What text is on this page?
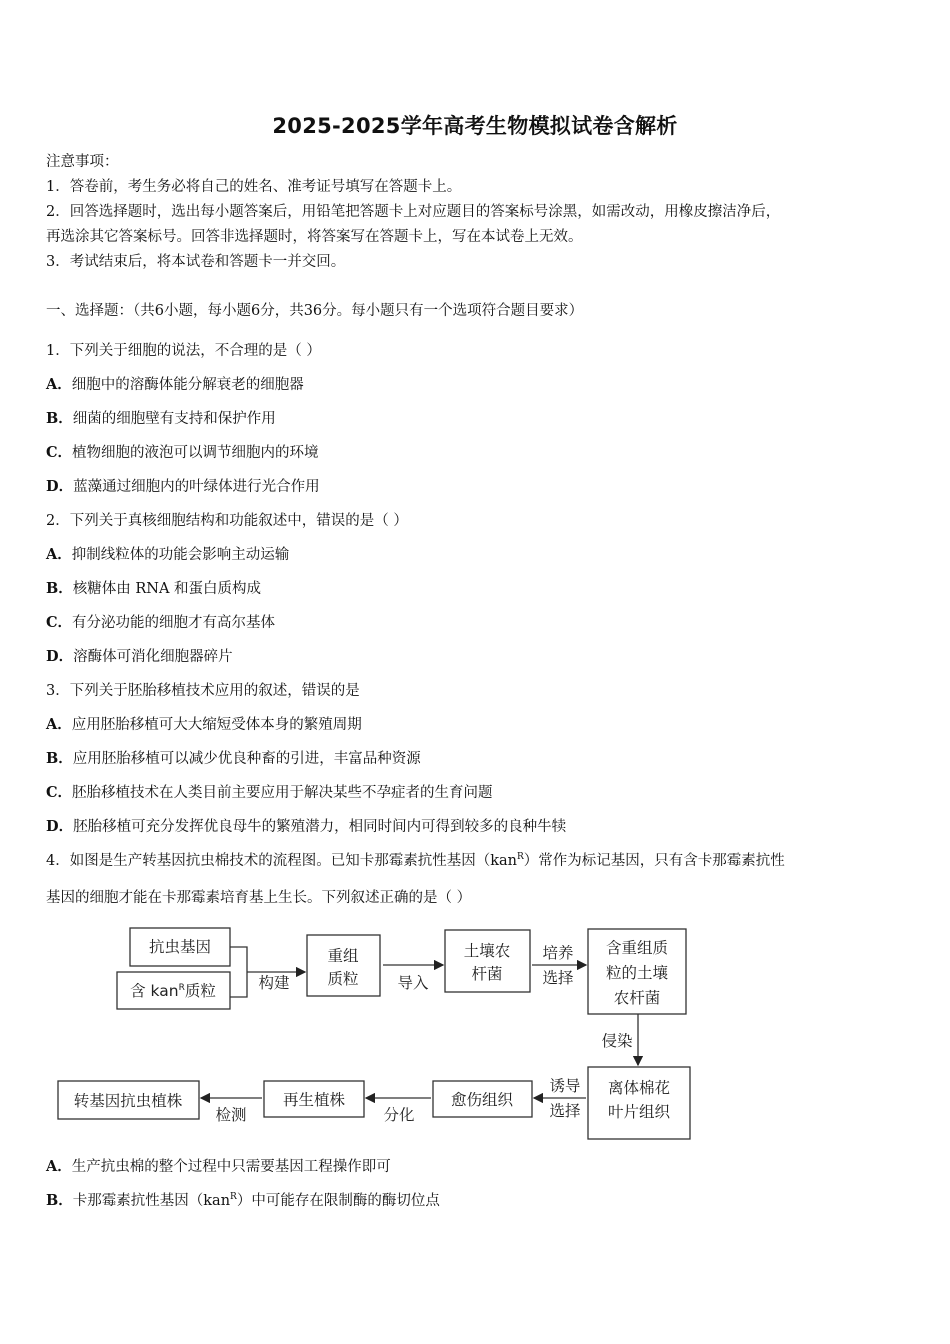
2025-2025学年高考生物模拟试卷含解析
注意事项：
1．答卷前，考生务必将自己的姓名、准考证号填写在答题卡上。
2．回答选择题时，选出每小题答案后，用铅笔把答题卡上对应题目的答案标号涂黑，如需改动，用橡皮擦洁净后，
再选涂其它答案标号。回答非选择题时，将答案写在答题卡上，写在本试卷上无效。
3．考试结束后，将本试卷和答题卡一并交回。
一、选择题：（共6小题，每小题6分，共36分。每小题只有一个选项符合题目要求）
1．下列关于细胞的说法，不合理的是（ ）
A．细胞中的溶酶体能分解衰老的细胞器
B．细菌的细胞壁有支持和保护作用
C．植物细胞的液泡可以调节细胞内的环境
D．蓝藻通过细胞内的叶绿体进行光合作用
2．下列关于真核细胞结构和功能叙述中，错误的是（ ）
A．抑制线粒体的功能会影响主动运输
B．核糖体由 RNA 和蛋白质构成
C．有分泌功能的细胞才有高尔基体
D．溶酶体可消化细胞器碎片
3．下列关于胚胎移植技术应用的叙述，错误的是
A．应用胚胎移植可大大缩短受体本身的繁殖周期
B．应用胚胎移植可以减少优良种畜的引进，丰富品种资源
C．胚胎移植技术在人类目前主要应用于解决某些不孕症者的生育问题
D．胚胎移植可充分发挥优良母牛的繁殖潜力，相同时间内可得到较多的良种牛犊
4．如图是生产转基因抗虫棉技术的流程图。已知卡那霉素抗性基因（kan$^R$）常作为标记基因，只有含卡那霉素抗性
基因的细胞才能在卡那霉素培育基上生长。下列叙述正确的是（ ）
抗虫基因
含 kan$^R$质粒	构建
重组
质粒	导入
土壤农
杆菌
培养
选择
含重组质
粒的土壤
农杆菌
侵染
离体棉花
叶片组织
诱导
选择
愈伤组织
分化
再生植株
检测
转基因抗虫植株
A．生产抗虫棉的整个过程中只需要基因工程操作即可
B．卡那霉素抗性基因（kan$^R$）中可能存在限制酶的酶切位点
